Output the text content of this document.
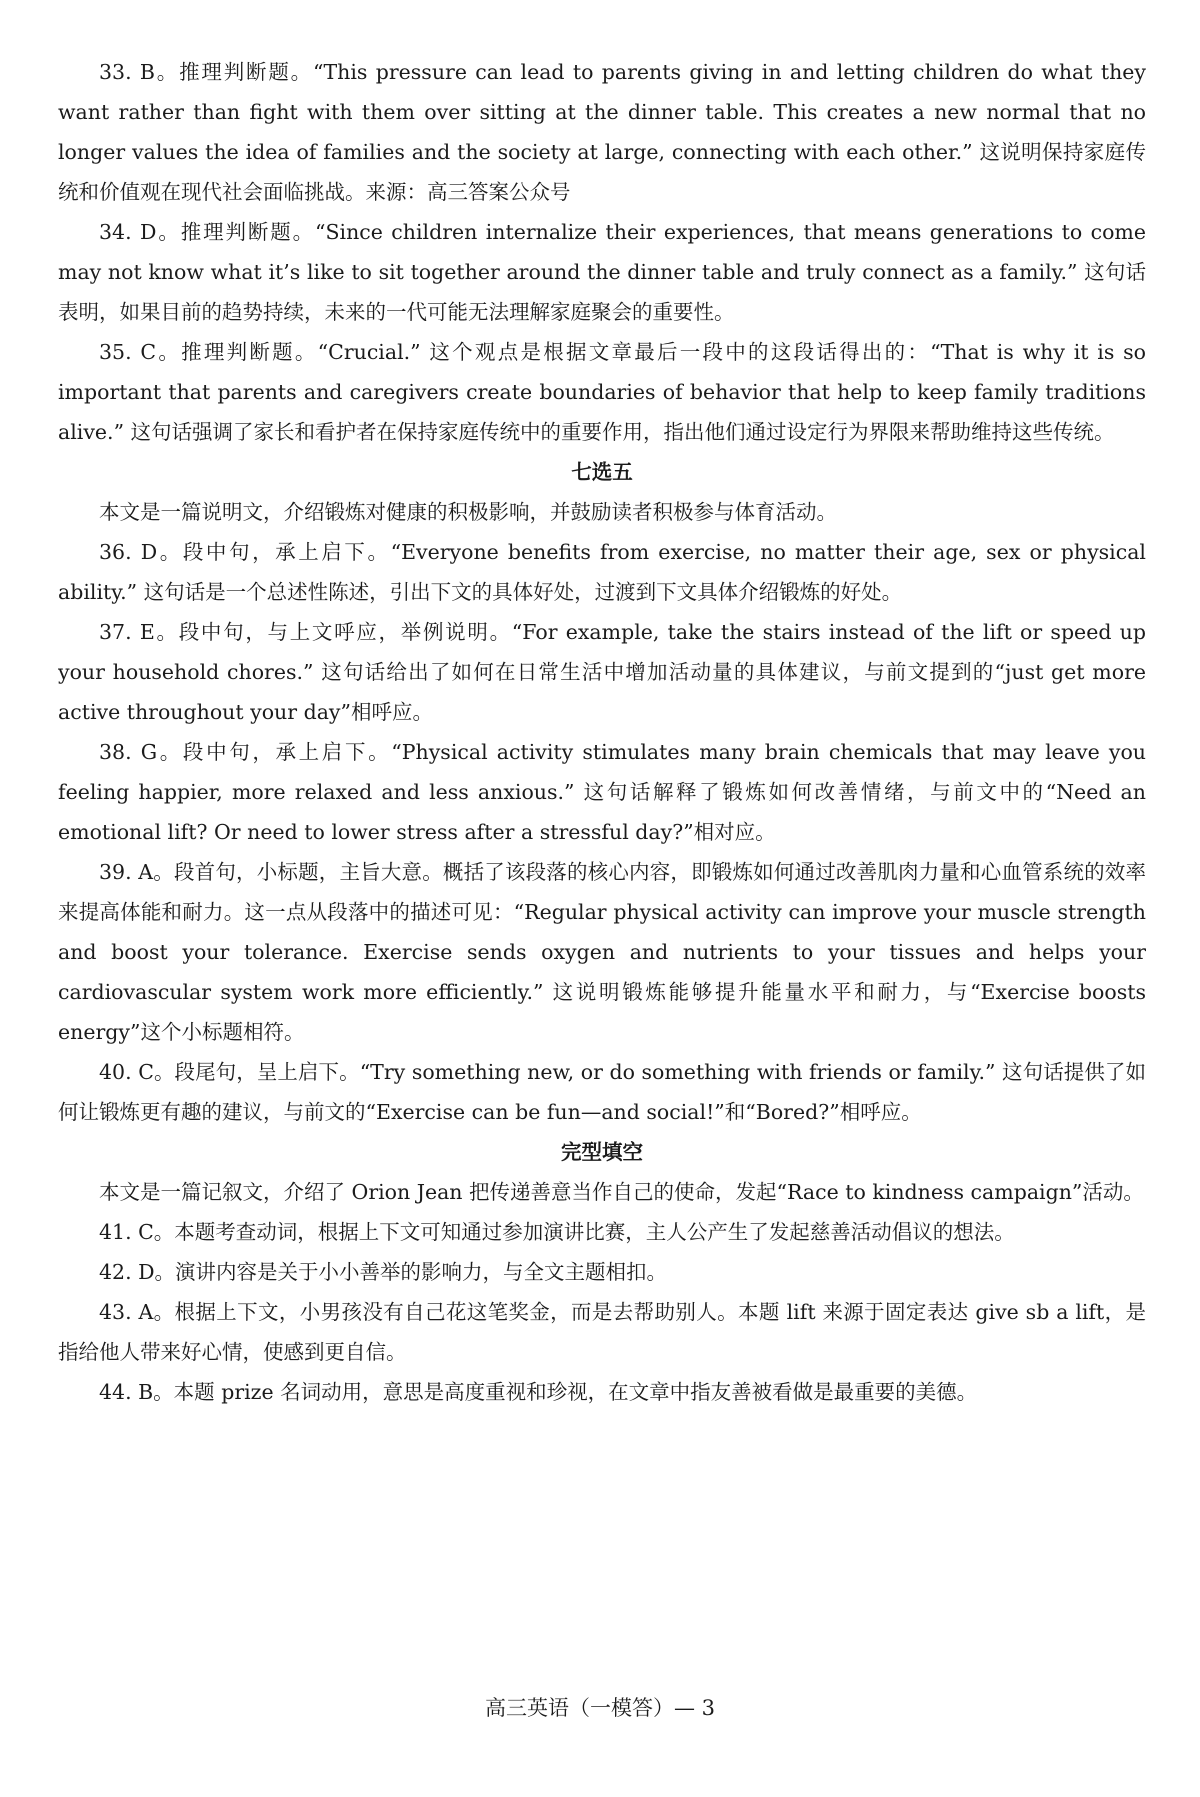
33. B。推理判断题。“This pressure can lead to parents giving in and letting children do what they want rather than fight with them over sitting at the dinner table. This creates a new normal that no longer values the idea of families and the society at large, connecting with each other.” 这说明保持家庭传统和价值观在现代社会面临挑战。来源：高三答案公众号

34. D。推理判断题。“Since children internalize their experiences, that means generations to come may not know what it’s like to sit together around the dinner table and truly connect as a family.” 这句话表明，如果目前的趋势持续，未来的一代可能无法理解家庭聚会的重要性。

35. C。推理判断题。“Crucial.” 这个观点是根据文章最后一段中的这段话得出的：“That is why it is so important that parents and caregivers create boundaries of behavior that help to keep family traditions alive.” 这句话强调了家长和看护者在保持家庭传统中的重要作用，指出他们通过设定行为界限来帮助维持这些传统。

七选五

本文是一篇说明文，介绍锻炼对健康的积极影响，并鼓励读者积极参与体育活动。

36. D。段中句，承上启下。“Everyone benefits from exercise, no matter their age, sex or physical ability.” 这句话是一个总述性陈述，引出下文的具体好处，过渡到下文具体介绍锻炼的好处。

37. E。段中句，与上文呼应，举例说明。“For example, take the stairs instead of the lift or speed up your household chores.” 这句话给出了如何在日常生活中增加活动量的具体建议，与前文提到的“just get more active throughout your day”相呼应。

38. G。段中句，承上启下。“Physical activity stimulates many brain chemicals that may leave you feeling happier, more relaxed and less anxious.” 这句话解释了锻炼如何改善情绪，与前文中的“Need an emotional lift? Or need to lower stress after a stressful day?”相对应。

39. A。段首句，小标题，主旨大意。概括了该段落的核心内容，即锻炼如何通过改善肌肉力量和心血管系统的效率来提高体能和耐力。这一点从段落中的描述可见：“Regular physical activity can improve your muscle strength and boost your tolerance. Exercise sends oxygen and nutrients to your tissues and helps your cardiovascular system work more efficiently.” 这说明锻炼能够提升能量水平和耐力，与“Exercise boosts energy”这个小标题相符。

40. C。段尾句，呈上启下。“Try something new, or do something with friends or family.” 这句话提供了如何让锻炼更有趣的建议，与前文的“Exercise can be fun—and social!”和“Bored?”相呼应。

完型填空

本文是一篇记叙文，介绍了 Orion Jean 把传递善意当作自己的使命，发起“Race to kindness campaign”活动。

41. C。本题考查动词，根据上下文可知通过参加演讲比赛，主人公产生了发起慈善活动倡议的想法。

42. D。演讲内容是关于小小善举的影响力，与全文主题相扣。

43. A。根据上下文，小男孩没有自己花这笔奖金，而是去帮助别人。本题 lift 来源于固定表达 give sb a lift，是指给他人带来好心情，使感到更自信。

44. B。本题 prize 名词动用，意思是高度重视和珍视，在文章中指友善被看做是最重要的美德。

高三英语（一模答）— 3
